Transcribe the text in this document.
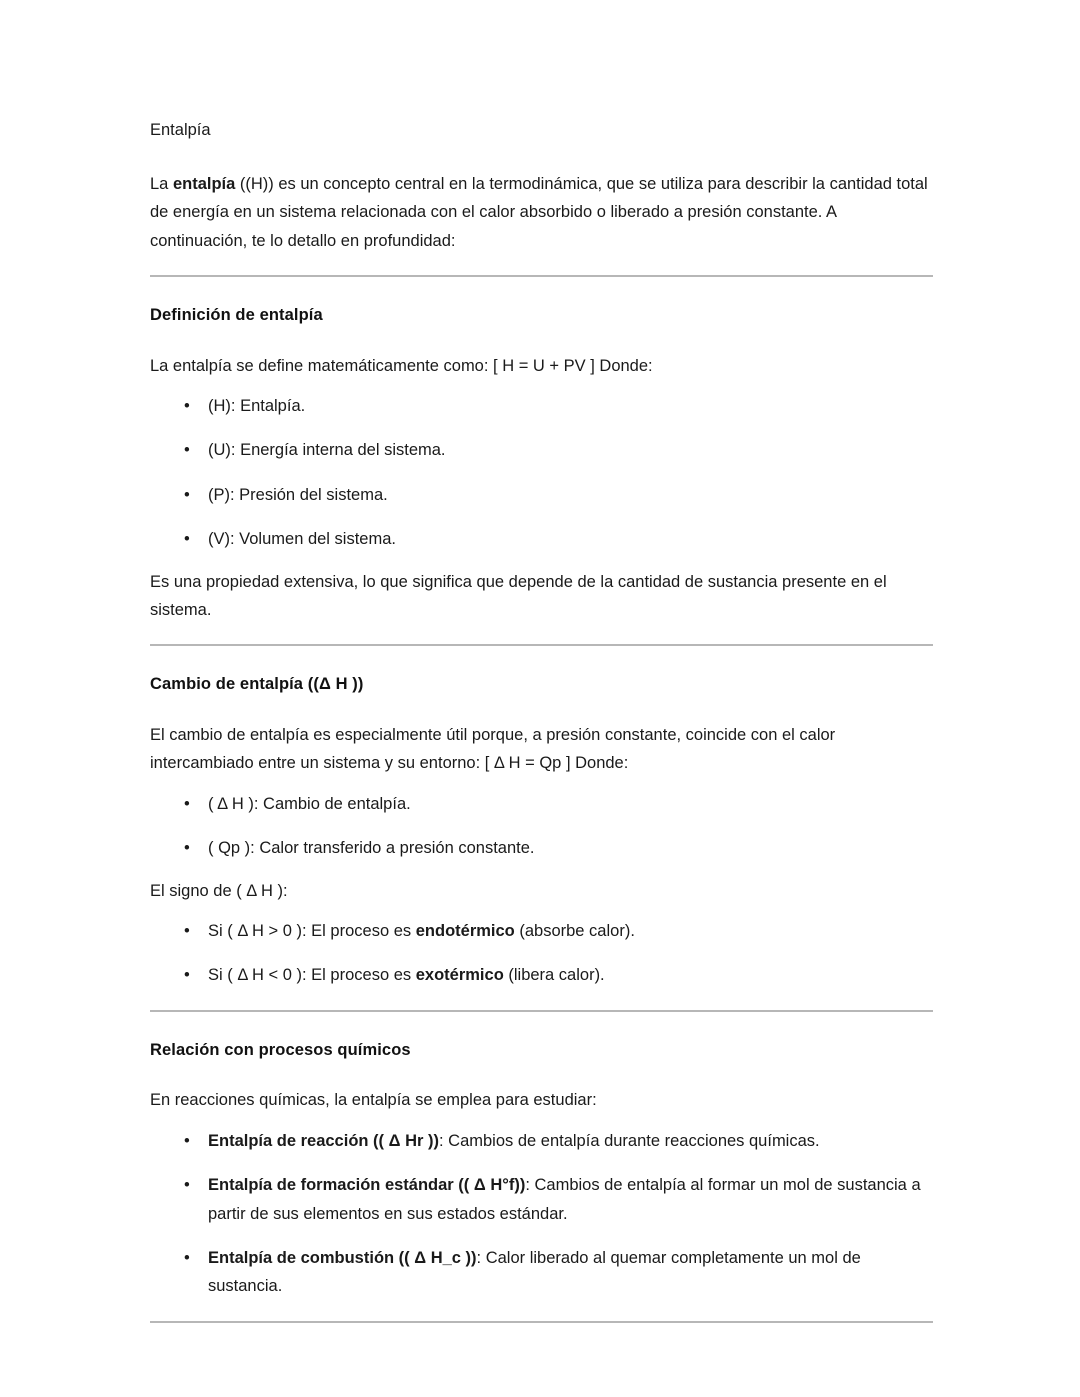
Entalpía

La entalpía ((H)) es un concepto central en la termodinámica, que se utiliza para describir la cantidad total de energía en un sistema relacionada con el calor absorbido o liberado a presión constante. A continuación, te lo detallo en profundidad:

Definición de entalpía

La entalpía se define matemáticamente como: [ H = U + PV ] Donde:

• (H): Entalpía.
• (U): Energía interna del sistema.
• (P): Presión del sistema.
• (V): Volumen del sistema.

Es una propiedad extensiva, lo que significa que depende de la cantidad de sustancia presente en el sistema.

Cambio de entalpía ((Δ H ))

El cambio de entalpía es especialmente útil porque, a presión constante, coincide con el calor intercambiado entre un sistema y su entorno: [ Δ H = Qp ] Donde:

• ( Δ H ): Cambio de entalpía.
• ( Qp ): Calor transferido a presión constante.

El signo de ( Δ H ):

• Si ( Δ H > 0 ): El proceso es endotérmico (absorbe calor).
• Si ( Δ H < 0 ): El proceso es exotérmico (libera calor).
Relación con procesos químicos

En reacciones químicas, la entalpía se emplea para estudiar:

• Entalpía de reacción (( Δ Hr )): Cambios de entalpía durante reacciones químicas.
• Entalpía de formación estándar (( Δ H°f)): Cambios de entalpía al formar un mol de sustancia a partir de sus elementos en sus estados estándar.
• Entalpía de combustión (( Δ H_c )): Calor liberado al quemar completamente un mol de sustancia.
